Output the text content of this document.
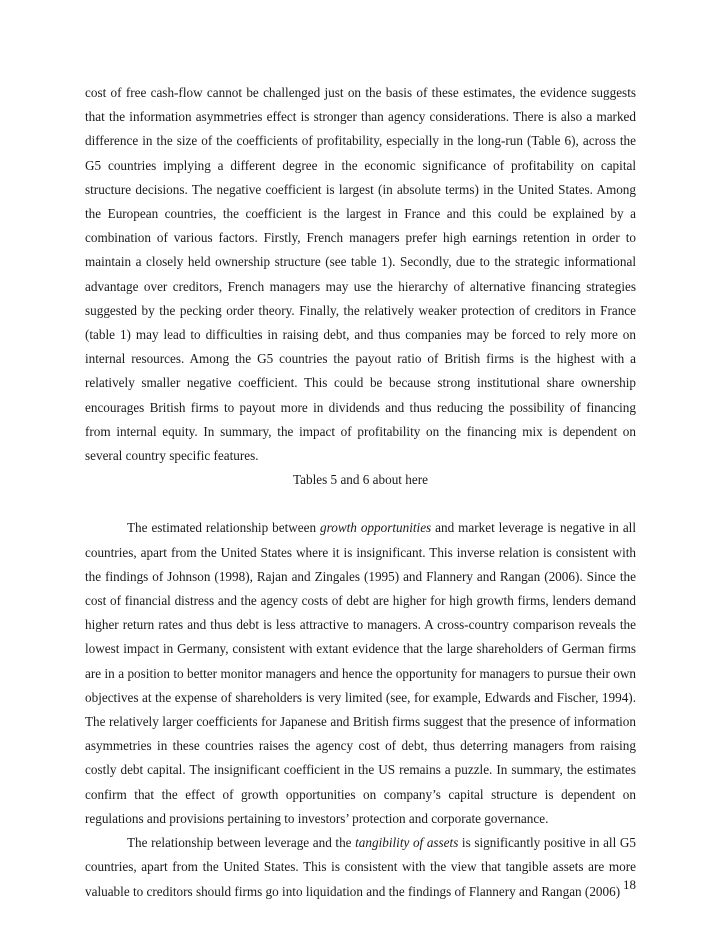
cost of free cash-flow cannot be challenged just on the basis of these estimates, the evidence suggests that the information asymmetries effect is stronger than agency considerations. There is also a marked difference in the size of the coefficients of profitability, especially in the long-run (Table 6), across the G5 countries implying a different degree in the economic significance of profitability on capital structure decisions. The negative coefficient is largest (in absolute terms) in the United States. Among the European countries, the coefficient is the largest in France and this could be explained by a combination of various factors. Firstly, French managers prefer high earnings retention in order to maintain a closely held ownership structure (see table 1). Secondly, due to the strategic informational advantage over creditors, French managers may use the hierarchy of alternative financing strategies suggested by the pecking order theory. Finally, the relatively weaker protection of creditors in France (table 1) may lead to difficulties in raising debt, and thus companies may be forced to rely more on internal resources. Among the G5 countries the payout ratio of British firms is the highest with a relatively smaller negative coefficient. This could be because strong institutional share ownership encourages British firms to payout more in dividends and thus reducing the possibility of financing from internal equity. In summary, the impact of profitability on the financing mix is dependent on several country specific features.

Tables 5 and 6 about here

The estimated relationship between growth opportunities and market leverage is negative in all countries, apart from the United States where it is insignificant. This inverse relation is consistent with the findings of Johnson (1998), Rajan and Zingales (1995) and Flannery and Rangan (2006). Since the cost of financial distress and the agency costs of debt are higher for high growth firms, lenders demand higher return rates and thus debt is less attractive to managers. A cross-country comparison reveals the lowest impact in Germany, consistent with extant evidence that the large shareholders of German firms are in a position to better monitor managers and hence the opportunity for managers to pursue their own objectives at the expense of shareholders is very limited (see, for example, Edwards and Fischer, 1994). The relatively larger coefficients for Japanese and British firms suggest that the presence of information asymmetries in these countries raises the agency cost of debt, thus deterring managers from raising costly debt capital. The insignificant coefficient in the US remains a puzzle. In summary, the estimates confirm that the effect of growth opportunities on company’s capital structure is dependent on regulations and provisions pertaining to investors’ protection and corporate governance.

The relationship between leverage and the tangibility of assets is significantly positive in all G5 countries, apart from the United States. This is consistent with the view that tangible assets are more valuable to creditors should firms go into liquidation and the findings of Flannery and Rangan (2006) 18
